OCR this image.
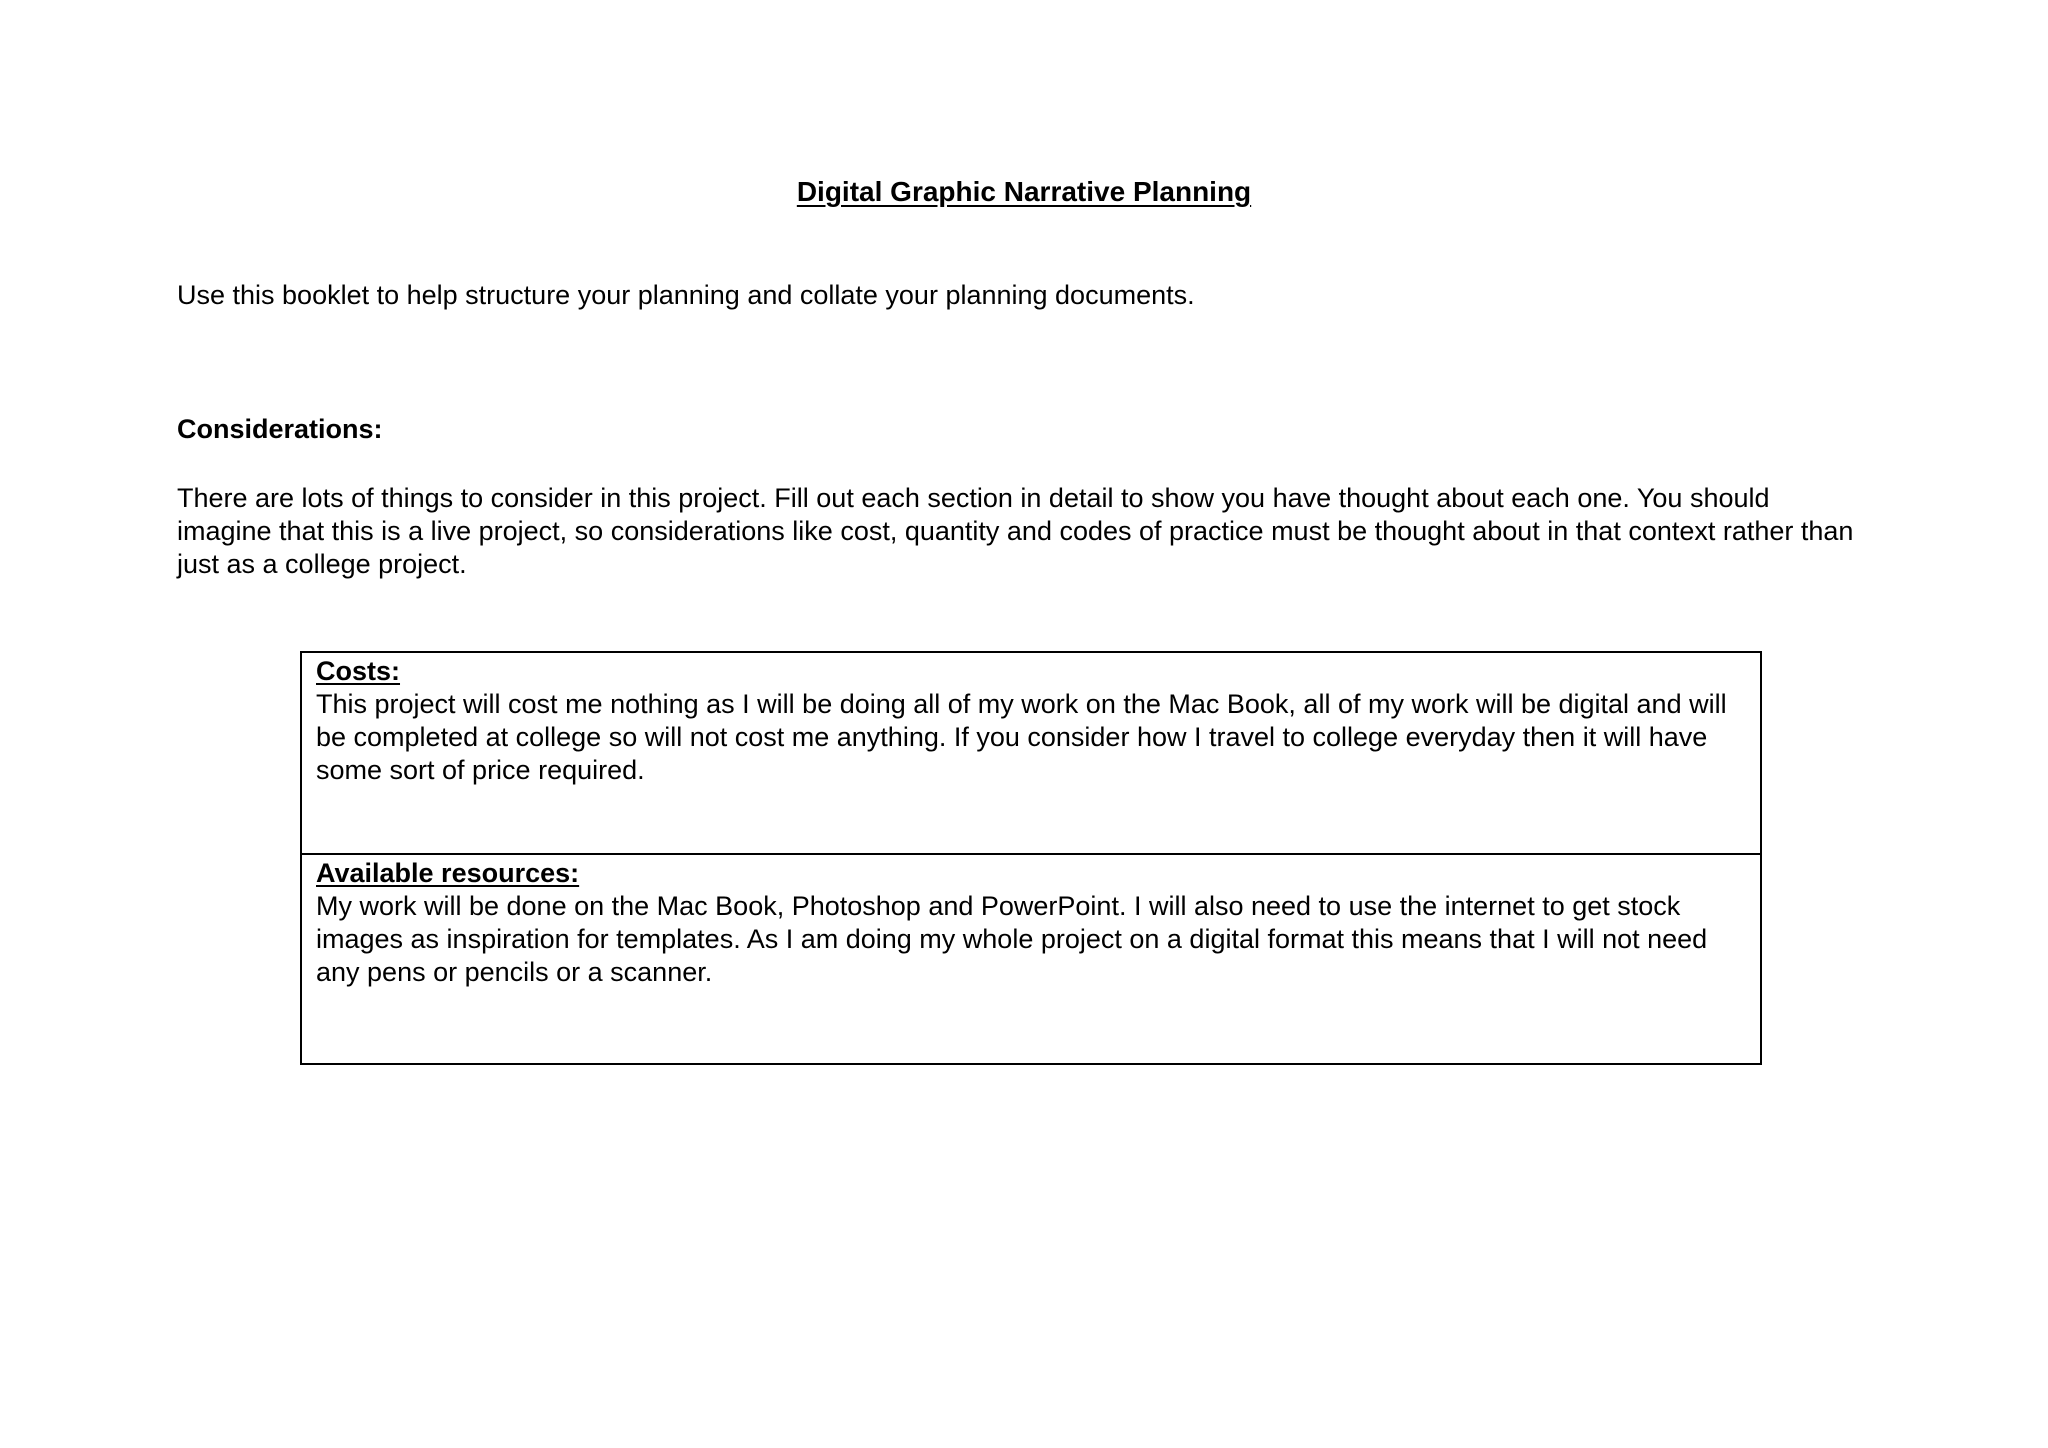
Digital Graphic Narrative Planning
Use this booklet to help structure your planning and collate your planning documents.
Considerations:
There are lots of things to consider in this project. Fill out each section in detail to show you have thought about each one. You should imagine that this is a live project, so considerations like cost, quantity and codes of practice must be thought about in that context rather than just as a college project.
Costs:
This project will cost me nothing as I will be doing all of my work on the Mac Book, all of my work will be digital and will be completed at college so will not cost me anything. If you consider how I travel to college everyday then it will have some sort of price required.
Available resources:
My work will be done on the Mac Book, Photoshop and PowerPoint. I will also need to use the internet to get stock images as inspiration for templates. As I am doing my whole project on a digital format this means that I will not need any pens or pencils or a scanner.
